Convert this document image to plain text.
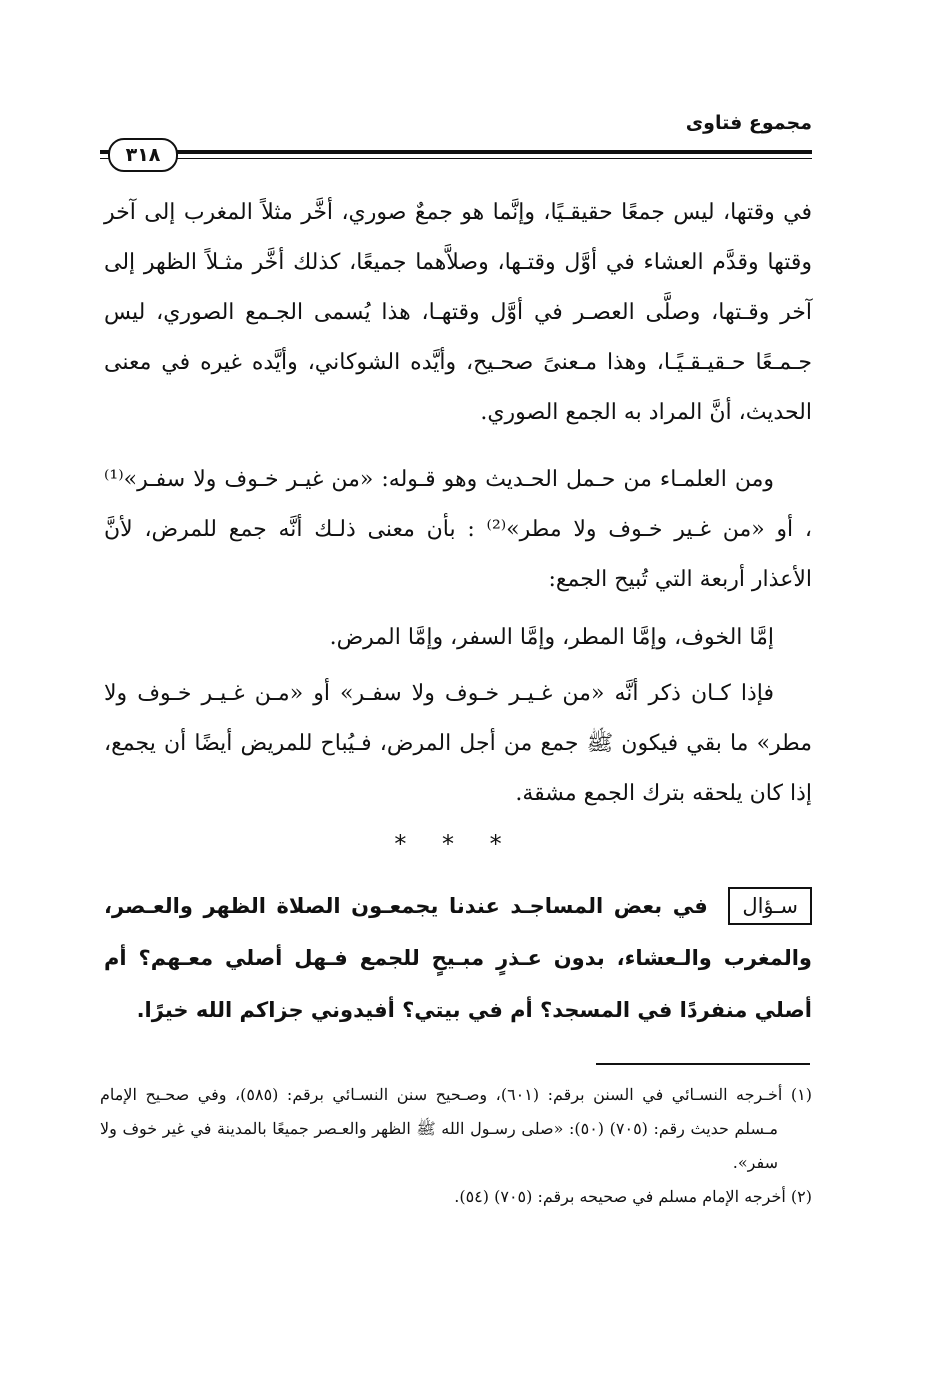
مجموع فتاوى
٣١٨
في وقتها، ليس جمعًا حقيقـيًا، وإنَّما هو جمعٌ صوري، أخَّر مثلاً المغرب إلى آخر وقتها وقدَّم العشاء في أوَّل وقتـها، وصلاَّهما جميعًا، كذلك أخَّر مثـلاً الظهر إلى آخر وقـتها، وصلَّى العصـر في أوَّل وقتهـا، هذا يُسمى الجـمع الصوري، ليس جـمـعًا حـقيـقـيًـا، وهذا مـعنىً صحـيح، وأيَّده الشوكاني، وأيَّده غيره في معنى الحديث، أنَّ المراد به الجمع الصوري.
ومن العلمـاء من حـمل الحـديث وهو قـوله: «من غيـر خـوف ولا سفـر»⁽¹⁾ ، أو «من غـير خـوف ولا مطر»⁽²⁾ : بأن معنى ذلـك أنَّه جمع للمرض، لأنَّ الأعذار أربعة التي تُبيح الجمع:
إمَّا الخوف، وإمَّا المطر، وإمَّا السفر، وإمَّا المرض.
فإذا كـان ذكر أنَّه «من غـيـر خـوف ولا سفـر» أو «مـن غـيـر خـوف ولا مطر» ما بقي فيكون ﷺ جمع من أجل المرض، فـيُباح للمريض أيضًا أن يجمع، إذا كان يلحقه بترك الجمع مشقة.
* * *
سـؤال في بعض المساجـد عندنا يجمعـون الصلاة الظهر والعـصر، والمغرب والـعشاء، بدون عـذرٍ مبـيحٍ للجمع فـهل أصلي معـهم؟ أم أصلي منفردًا في المسجد؟ أم في بيتي؟ أفيدوني جزاكم الله خيرًا.
(١) أخـرجه النسـائي في السنن برقم: (٦٠١)، وصـحيح سنن النسـائي برقم: (٥٨٥)، وفي صحـيح الإمام مـسلم حديث رقم: (٧٠٥) (٥٠): «صلى رسـول الله ﷺ الظهر والعـصر جميعًا بالمدينة في غير خوف ولا سفر».
(٢) أخرجه الإمام مسلم في صحيحه برقم: (٧٠٥) (٥٤).
